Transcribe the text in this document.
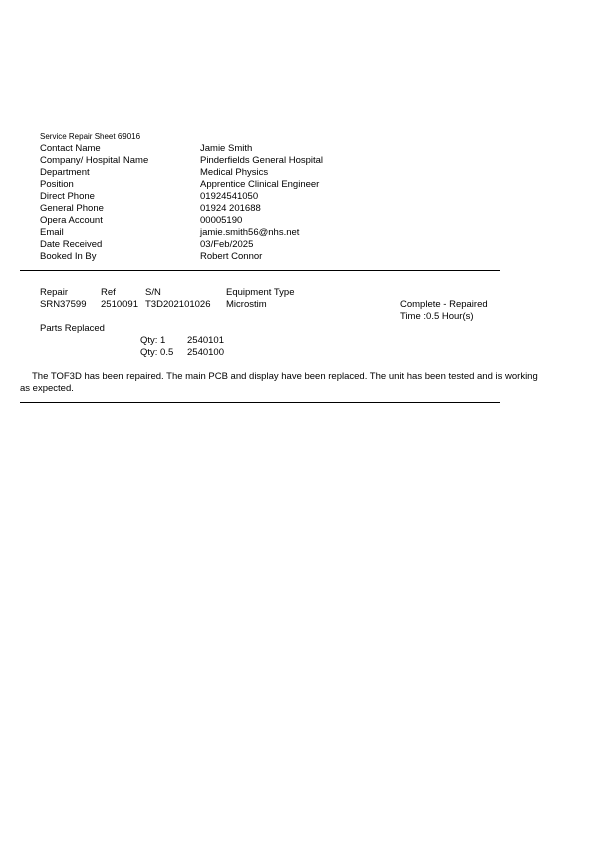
Service Repair Sheet 69016
Contact Name	Jamie Smith
Company/ Hospital Name	Pinderfields General Hospital
Department	Medical Physics
Position	Apprentice Clinical Engineer
Direct Phone	01924541050
General Phone	01924 201688
Opera Account	00005190
Email	jamie.smith56@nhs.net
Date Received	03/Feb/2025
Booked In By	Robert Connor
Repair	Ref	S/N	Equipment Type
SRN37599 2510091 T3D202101026 Microstim	Complete - Repaired
Time :0.5 Hour(s)
Parts Replaced
Qty: 1 2540101
Qty: 0.5 2540100
The TOF3D has been repaired. The main PCB and display have been replaced. The unit has been tested and is working as expected.
